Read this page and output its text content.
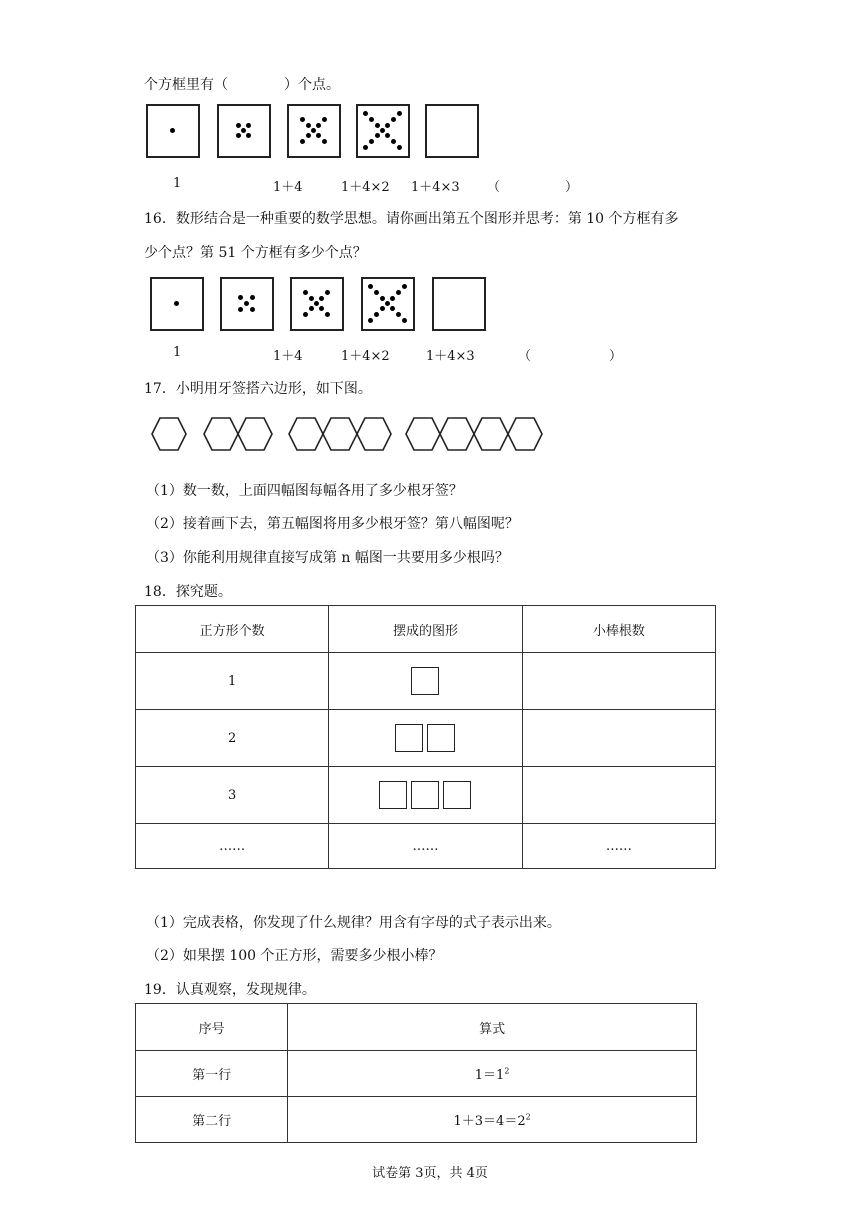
个方框里有（　　　　）个点。
1	1＋4	1＋4×2 1＋4×3 （　　　　　）
16．数形结合是一种重要的数学思想。请你画出第五个图形并思考：第 10 个方框有多
少个点？第 51 个方框有多少个点？
1	1＋4	1＋4×2	1＋4×3	（　　　　　　）
17．小明用牙签搭六边形，如下图。
（1）数一数，上面四幅图每幅各用了多少根牙签？
（2）接着画下去，第五幅图将用多少根牙签？第八幅图呢？
（3）你能利用规律直接写成第 n 幅图一共要用多少根吗？
18．探究题。
正方形个数	摆成的图形	小棒根数
1		
2		
3		
……	……	……
（1）完成表格，你发现了什么规律？用含有字母的式子表示出来。
（2）如果摆 100 个正方形，需要多少根小棒？
19．认真观察，发现规律。
序号	算式
第一行	$1=1^2$
第二行	$1+3=4=2^2$
试卷第 3页，共 4页
